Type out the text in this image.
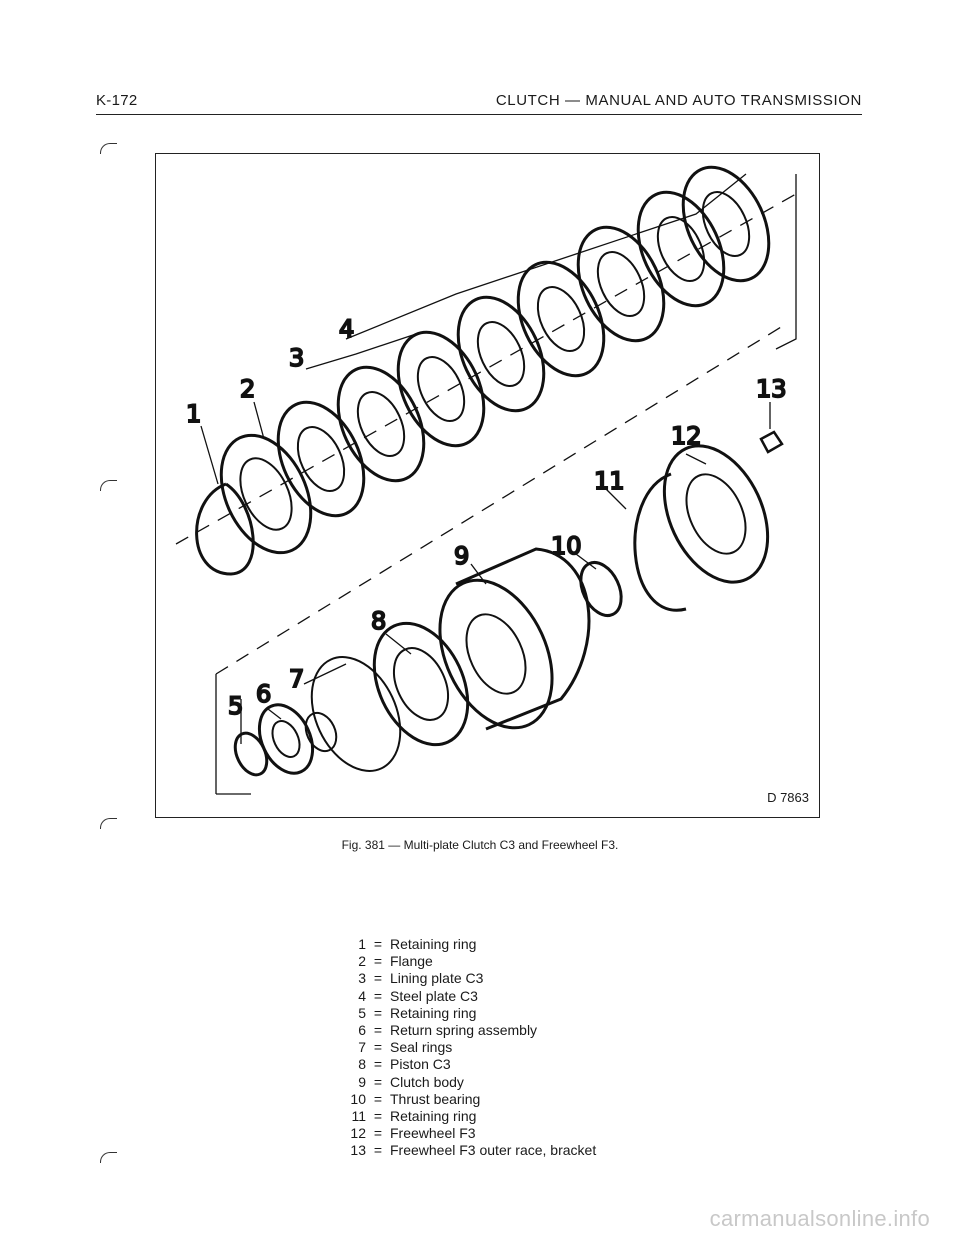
K-172	CLUTCH — MANUAL AND AUTO TRANSMISSION
1
2
3
4
5 6
7
8
9	10
11
12
13
D 7863
Fig. 381 — Multi-plate Clutch C3 and Freewheel F3.
1 = Retaining ring
2 = Flange
3 = Lining plate C3
4 = Steel plate C3
5 = Retaining ring
6 = Return spring assembly
7 = Seal rings
8 = Piston C3
9 = Clutch body
10 = Thrust bearing
11 = Retaining ring
12 = Freewheel F3
13 = Freewheel F3 outer race, bracket
carmanualsonline.info
